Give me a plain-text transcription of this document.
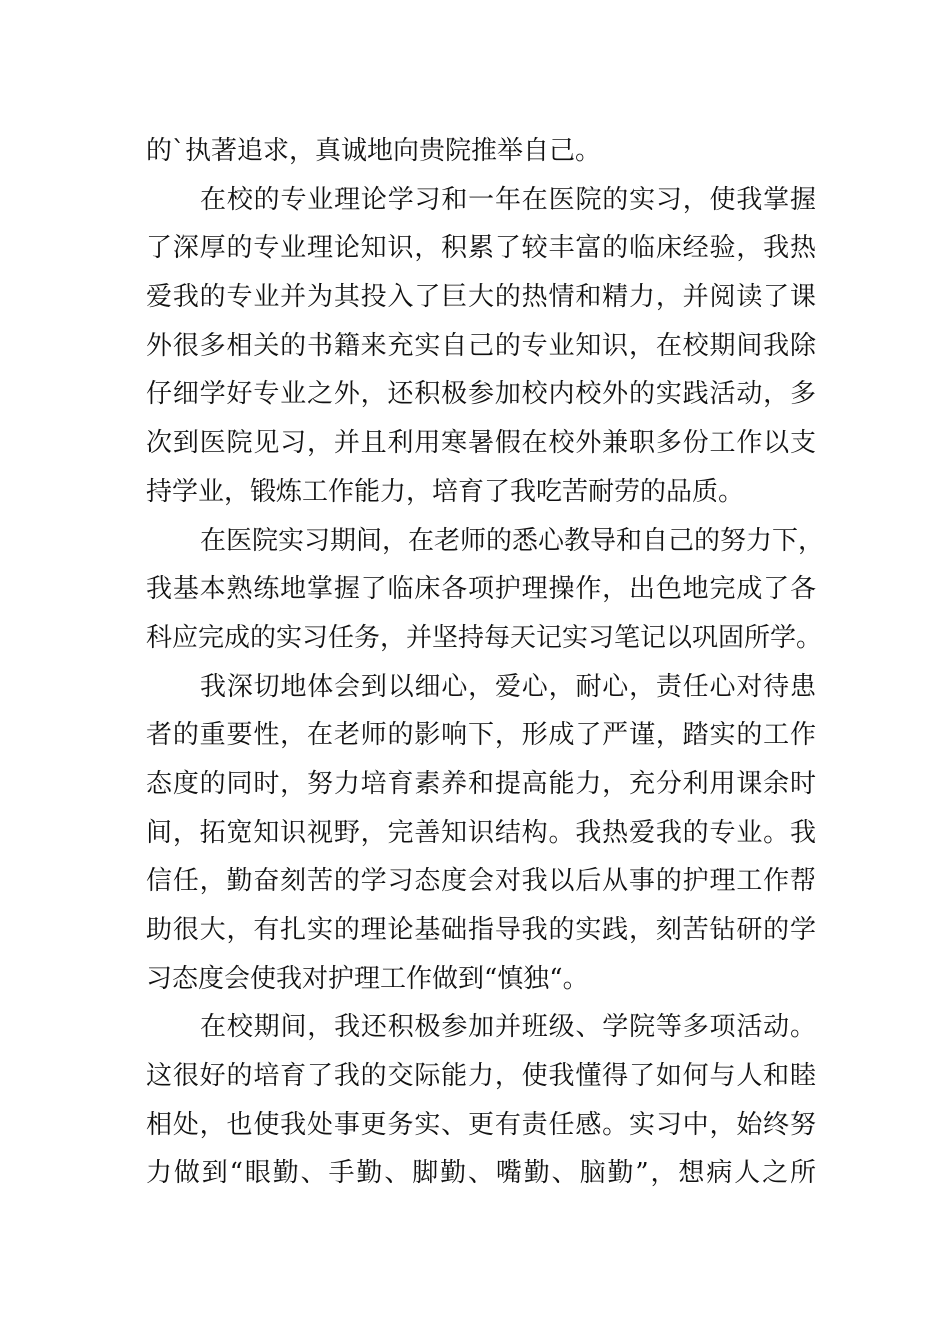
的`执著追求，真诚地向贵院推举自己。
在校的专业理论学习和一年在医院的实习，使我掌握
了深厚的专业理论知识，积累了较丰富的临床经验，我热
爱我的专业并为其投入了巨大的热情和精力，并阅读了课
外很多相关的书籍来充实自己的专业知识，在校期间我除
仔细学好专业之外，还积极参加校内校外的实践活动，多
次到医院见习，并且利用寒暑假在校外兼职多份工作以支
持学业，锻炼工作能力，培育了我吃苦耐劳的品质。
在医院实习期间，在老师的悉心教导和自己的努力下，
我基本熟练地掌握了临床各项护理操作，出色地完成了各
科应完成的实习任务，并坚持每天记实习笔记以巩固所学。
我深切地体会到以细心，爱心，耐心，责任心对待患
者的重要性，在老师的影响下，形成了严谨，踏实的工作
态度的同时，努力培育素养和提高能力，充分利用课余时
间，拓宽知识视野，完善知识结构。我热爱我的专业。我
信任，勤奋刻苦的学习态度会对我以后从事的护理工作帮
助很大，有扎实的理论基础指导我的实践，刻苦钻研的学
习态度会使我对护理工作做到“慎独“。
在校期间，我还积极参加并班级、学院等多项活动。
这很好的培育了我的交际能力，使我懂得了如何与人和睦
相处，也使我处事更务实、更有责任感。实习中，始终努
力做到“眼勤、手勤、脚勤、嘴勤、脑勤”，想病人之所
